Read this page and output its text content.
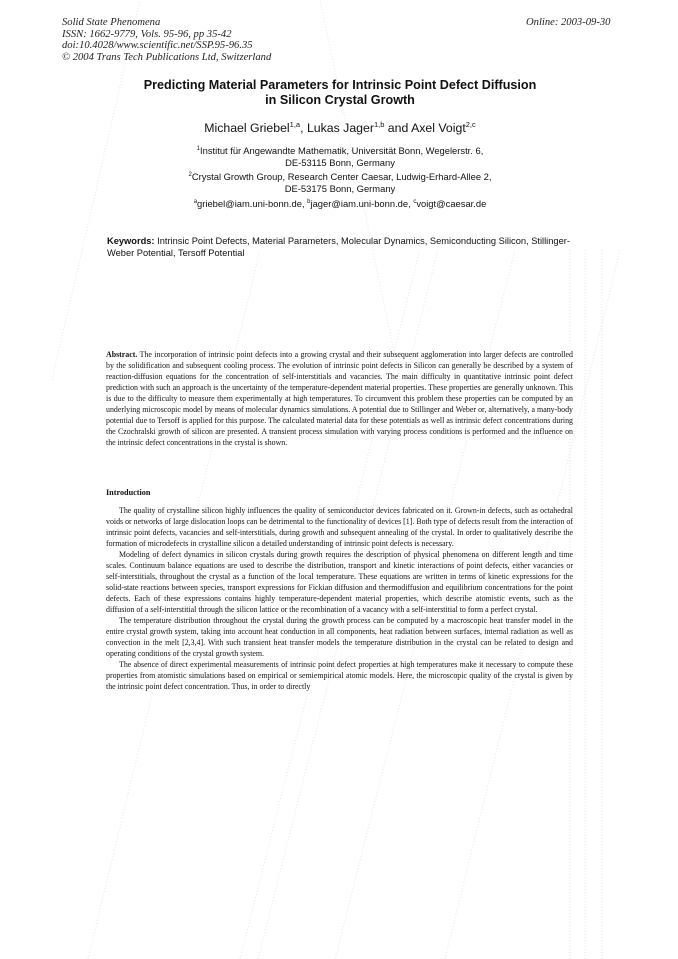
Solid State Phenomena
ISSN: 1662-9779, Vols. 95-96, pp 35-42
doi:10.4028/www.scientific.net/SSP.95-96.35
© 2004 Trans Tech Publications Ltd, Switzerland
Online: 2003-09-30
Predicting Material Parameters for Intrinsic Point Defect Diffusion
in Silicon Crystal Growth
Michael Griebel$^{1,a}$, Lukas Jager$^{1,b}$ and Axel Voigt$^{2,c}$
$^1$Institut für Angewandte Mathematik, Universität Bonn, Wegelerstr. 6,
DE-53115 Bonn, Germany
$^2$Crystal Growth Group, Research Center Caesar, Ludwig-Erhard-Allee 2,
DE-53175 Bonn, Germany
$^a$griebel@iam.uni-bonn.de, $^b$jager@iam.uni-bonn.de, $^c$voigt@caesar.de
Keywords: Intrinsic Point Defects, Material Parameters, Molecular Dynamics, Semiconducting Silicon, Stillinger-Weber Potential, Tersoff Potential
Abstract. The incorporation of intrinsic point defects into a growing crystal and their subsequent agglomeration into larger defects are controlled by the solidification and subsequent cooling process. The evolution of intrinsic point defects in Silicon can generally be described by a system of reaction-diffusion equations for the concentration of self-interstitials and vacancies. The main difficulty in quantitative intrinsic point defect prediction with such an approach is the uncertainty of the temperature-dependent material properties. These properties are generally unknown. This is due to the difficulty to measure them experimentally at high temperatures. To circumvent this problem these properties can be computed by an underlying microscopic model by means of molecular dynamics simulations. A potential due to Stillinger and Weber or, alternatively, a many-body potential due to Tersoff is applied for this purpose. The calculated material data for these potentials as well as intrinsic defect concentrations during the Czochralski growth of silicon are presented. A transient process simulation with varying process conditions is performed and the influence on the intrinsic defect concentrations in the crystal is shown.
Introduction

The quality of crystalline silicon highly influences the quality of semiconductor devices fabricated on it. Grown-in defects, such as octahedral voids or networks of large dislocation loops can be detrimental to the functionality of devices [1]. Both type of defects result from the interaction of intrinsic point defects, vacancies and self-interstitials, during growth and subsequent annealing of the crystal. In order to qualitatively describe the formation of microdefects in crystalline silicon a detailed understanding of intrinsic point defects is necessary.

Modeling of defect dynamics in silicon crystals during growth requires the description of physical phenomena on different length and time scales. Continuum balance equations are used to describe the distribution, transport and kinetic interactions of point defects, either vacancies or self-interstitials, throughout the crystal as a function of the local temperature. These equations are written in terms of kinetic expressions for the solid-state reactions between species, transport expressions for Fickian diffusion and thermodiffusion and equilibrium concentrations for the point defects. Each of these expressions contains highly temperature-dependent material properties, which describe atomistic events, such as the diffusion of a self-interstitial through the silicon lattice or the recombination of a vacancy with a self-interstitial to form a perfect crystal.

The temperature distribution throughout the crystal during the growth process can be computed by a macroscopic heat transfer model in the entire crystal growth system, taking into account heat conduction in all components, heat radiation between surfaces, internal radiation as well as convection in the melt [2,3,4]. With such transient heat transfer models the temperature distribution in the crystal can be related to design and operating conditions of the crystal growth system.

The absence of direct experimental measurements of intrinsic point defect properties at high temperatures make it necessary to compute these properties from atomistic simulations based on empirical or semiempirical atomic models. Here, the microscopic quality of the crystal is given by the intrinsic point defect concentration. Thus, in order to directly
